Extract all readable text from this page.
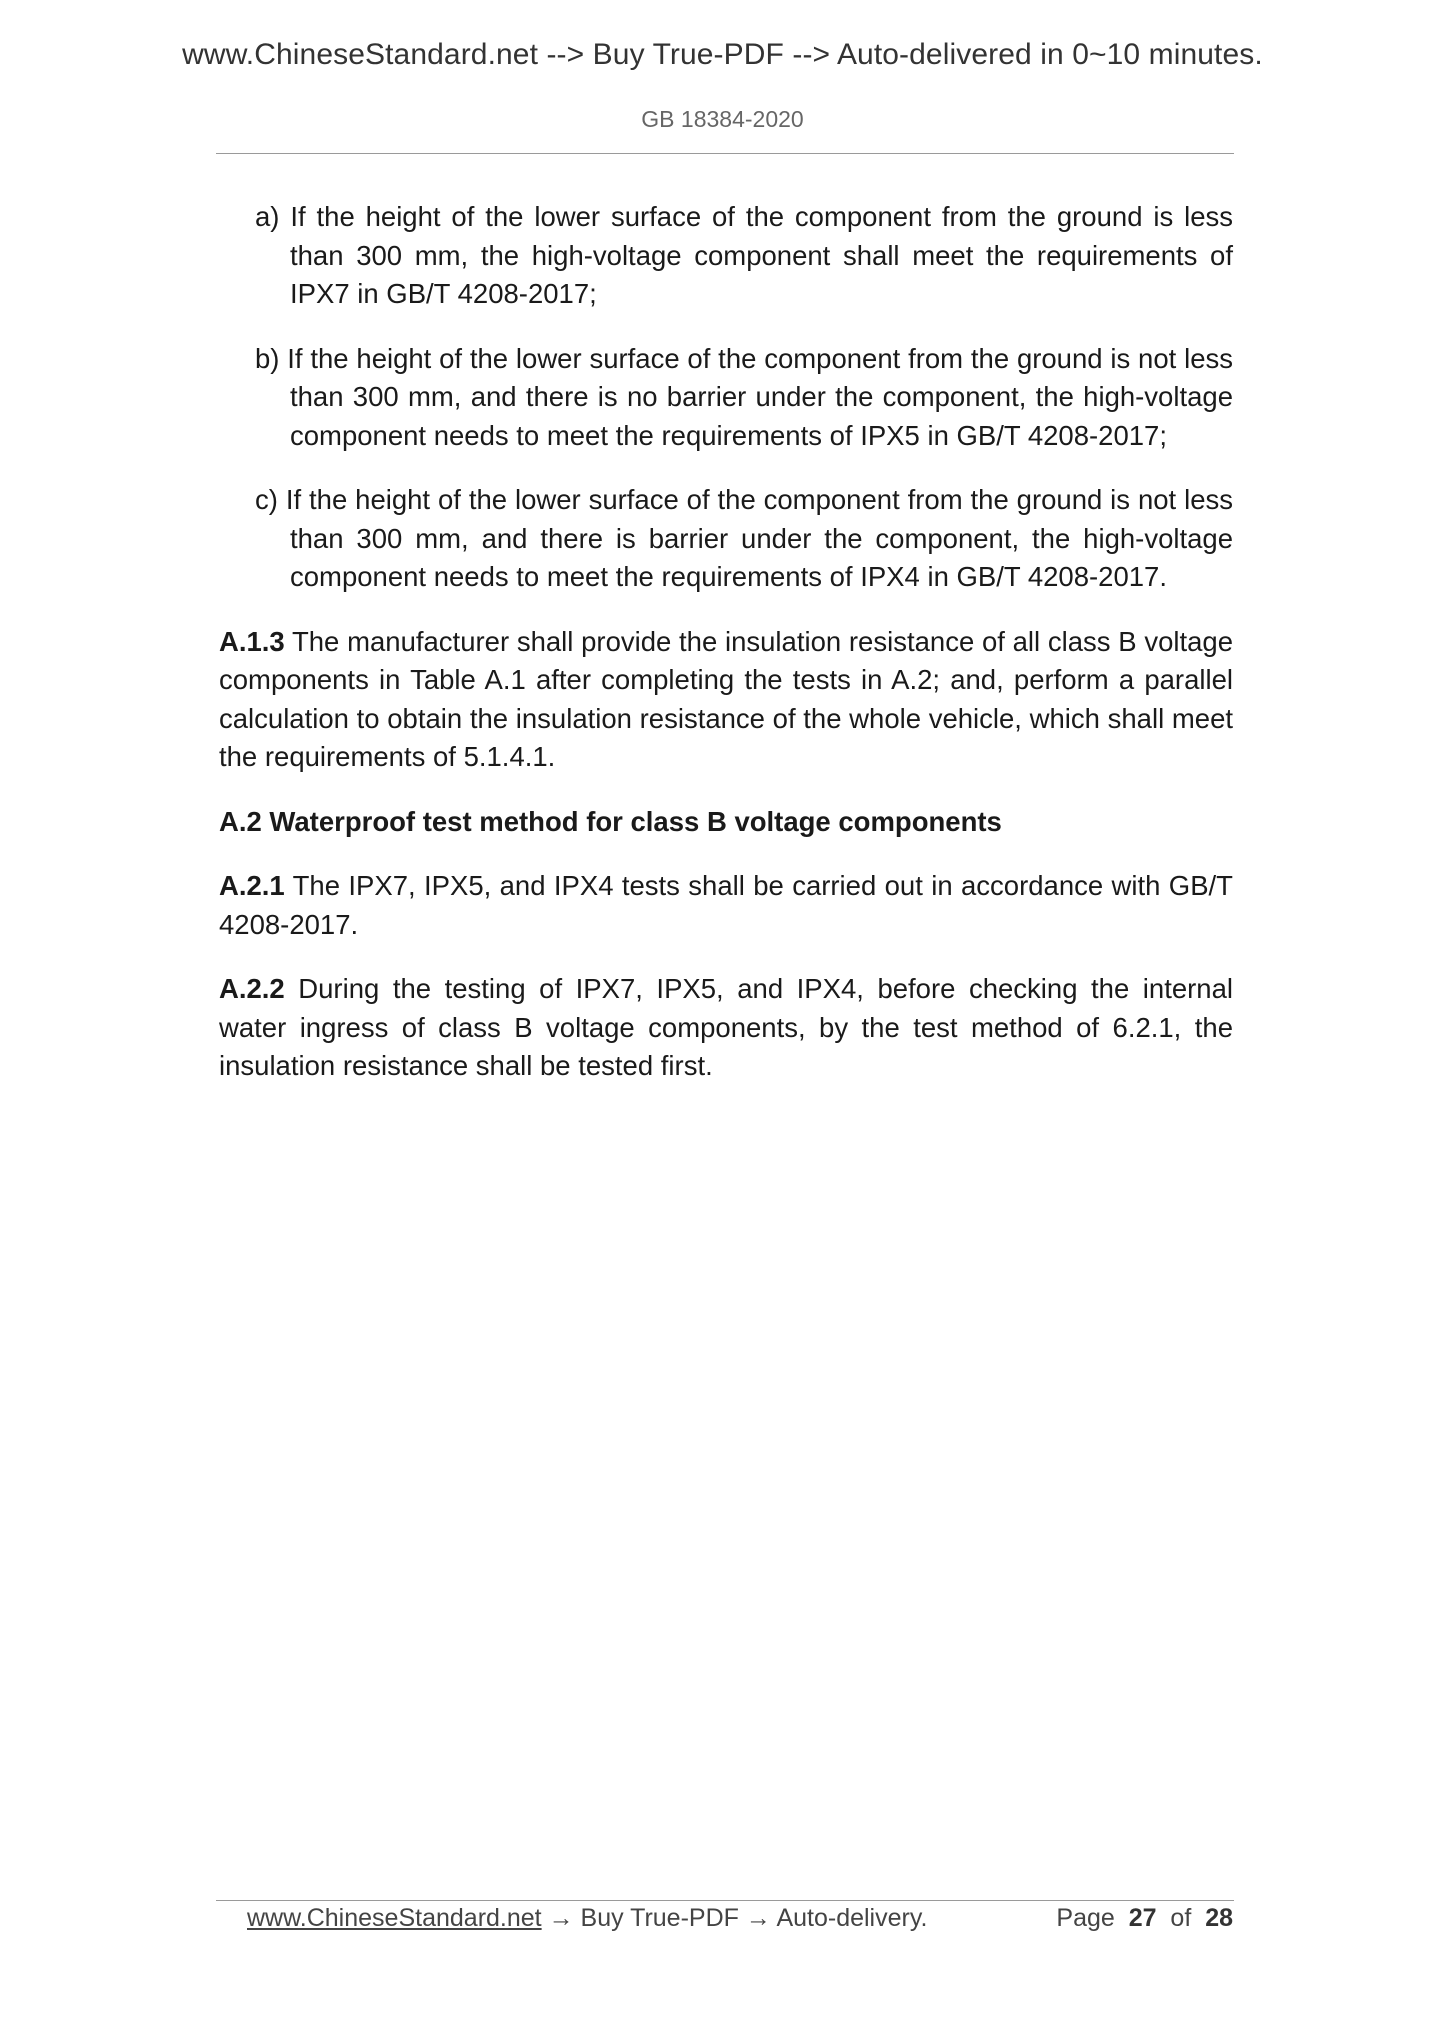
www.ChineseStandard.net --> Buy True-PDF --> Auto-delivered in 0~10 minutes.
GB 18384-2020

a) If the height of the lower surface of the component from the ground is less than 300 mm, the high-voltage component shall meet the requirements of IPX7 in GB/T 4208-2017;

b) If the height of the lower surface of the component from the ground is not less than 300 mm, and there is no barrier under the component, the high-voltage component needs to meet the requirements of IPX5 in GB/T 4208-2017;

c) If the height of the lower surface of the component from the ground is not less than 300 mm, and there is barrier under the component, the high-voltage component needs to meet the requirements of IPX4 in GB/T 4208-2017.

A.1.3 The manufacturer shall provide the insulation resistance of all class B voltage components in Table A.1 after completing the tests in A.2; and, perform a parallel calculation to obtain the insulation resistance of the whole vehicle, which shall meet the requirements of 5.1.4.1.

A.2 Waterproof test method for class B voltage components

A.2.1 The IPX7, IPX5, and IPX4 tests shall be carried out in accordance with GB/T 4208-2017.

A.2.2 During the testing of IPX7, IPX5, and IPX4, before checking the internal water ingress of class B voltage components, by the test method of 6.2.1, the insulation resistance shall be tested first.

www.ChineseStandard.net → Buy True-PDF → Auto-delivery.	Page 27 of 28
